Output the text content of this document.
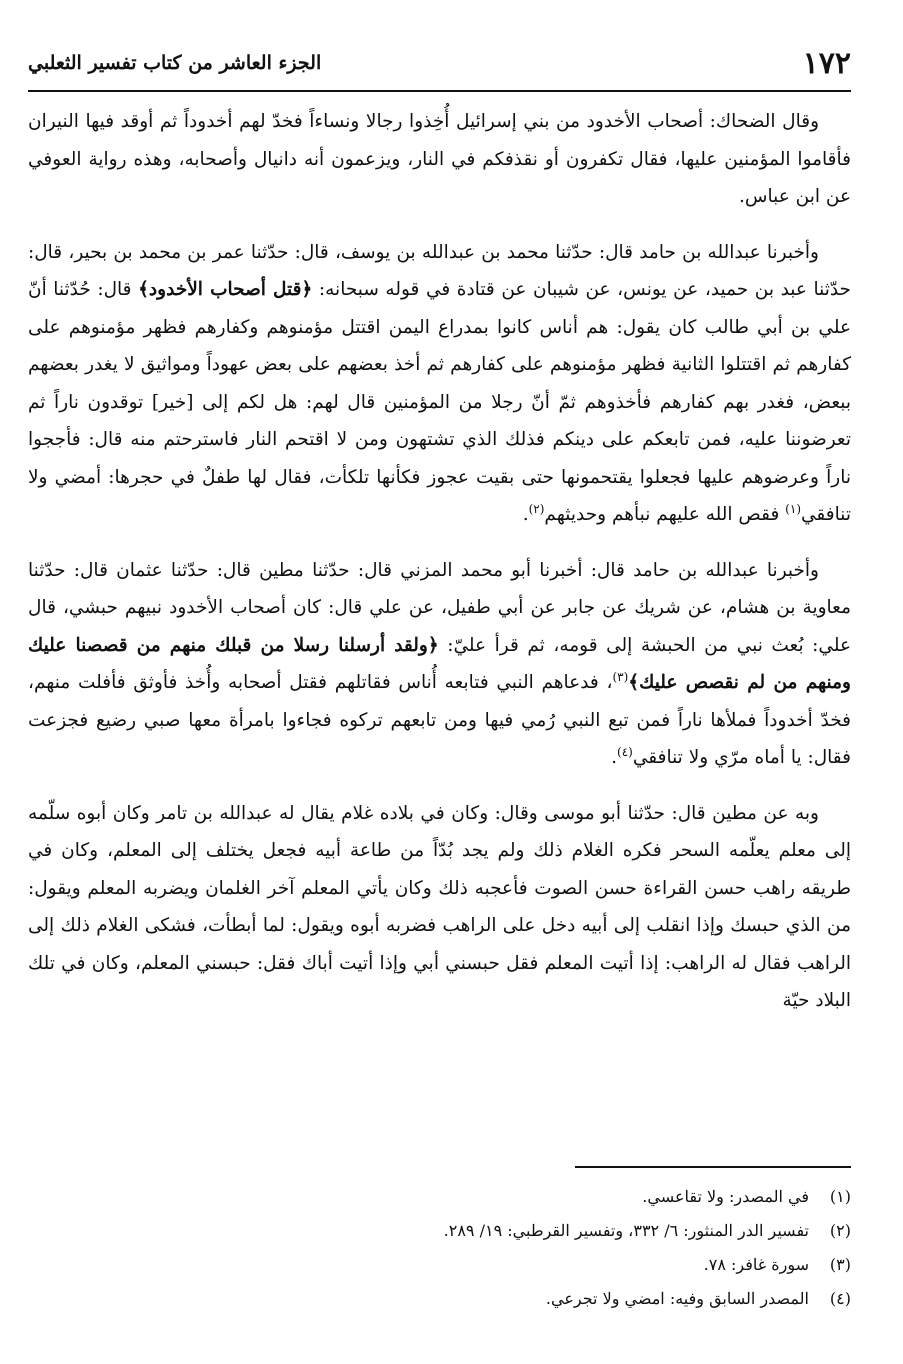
١٧٢
الجزء العاشر من كتاب تفسير الثعلبي

وقال الضحاك: أصحاب الأخدود من بني إسرائيل أُخِذوا رجالا ونساءاً فخدّ لهم أخدوداً ثم أوقد فيها النيران فأقاموا المؤمنين عليها، فقال تكفرون أو نقذفكم في النار، ويزعمون أنه دانيال وأصحابه، وهذه رواية العوفي عن ابن عباس.

وأخبرنا عبدالله بن حامد قال: حدّثنا محمد بن عبدالله بن يوسف، قال: حدّثنا عمر بن محمد بن بحير، قال: حدّثنا عبد بن حميد، عن يونس، عن شيبان عن قتادة في قوله سبحانه: ﴿قتل أصحاب الأخدود﴾ قال: حُدّثنا أنّ علي بن أبي طالب كان يقول: هم أناس كانوا بمدراع اليمن اقتتل مؤمنوهم وكفارهم فظهر مؤمنوهم على كفارهم ثم اقتتلوا الثانية فظهر مؤمنوهم على كفارهم ثم أخذ بعضهم على بعض عهوداً ومواثيق لا يغدر بعضهم ببعض، فغدر بهم كفارهم فأخذوهم ثمّ أنّ رجلا من المؤمنين قال لهم: هل لكم إلى [خير] توقدون ناراً ثم تعرضوننا عليه، فمن تابعكم على دينكم فذلك الذي تشتهون ومن لا اقتحم النار فاسترحتم منه قال: فأججوا ناراً وعرضوهم عليها فجعلوا يقتحمونها حتى بقيت عجوز فكأنها تلكأت، فقال لها طفلٌ في حجرها: أمضي ولا تنافقي$^{(١)}$ فقص الله عليهم نبأهم وحديثهم$^{(٢)}$.

وأخبرنا عبدالله بن حامد قال: أخبرنا أبو محمد المزني قال: حدّثنا مطين قال: حدّثنا عثمان قال: حدّثنا معاوية بن هشام، عن شريك عن جابر عن أبي طفيل، عن علي قال: كان أصحاب الأخدود نبيهم حبشي، قال علي: بُعث نبي من الحبشة إلى قومه، ثم قرأ عليّ: ﴿ولقد أرسلنا رسلا من قبلك منهم من قصصنا عليك ومنهم من لم نقصص عليك﴾$^{(٣)}$، فدعاهم النبي فتابعه أُناس فقاتلهم فقتل أصحابه وأُخذ فأوثق فأفلت منهم، فخدّ أخدوداً فملأها ناراً فمن تبع النبي رُمي فيها ومن تابعهم تركوه فجاءوا بامرأة معها صبي رضيع فجزعت فقال: يا أماه مرّي ولا تنافقي$^{(٤)}$.

وبه عن مطين قال: حدّثنا أبو موسى وقال: وكان في بلاده غلام يقال له عبدالله بن تامر وكان أبوه سلّمه إلى معلم يعلّمه السحر فكره الغلام ذلك ولم يجد بُدّاً من طاعة أبيه فجعل يختلف إلى المعلم، وكان في طريقه راهب حسن القراءة حسن الصوت فأعجبه ذلك وكان يأتي المعلم آخر الغلمان ويضربه المعلم ويقول: من الذي حبسك وإذا انقلب إلى أبيه دخل على الراهب فضربه أبوه ويقول: لما أبطأت، فشكى الغلام ذلك إلى الراهب فقال له الراهب: إذا أتيت المعلم فقل حبسني أبي وإذا أتيت أباك فقل: حبسني المعلم، وكان في تلك البلاد حيّة

(١)
في المصدر: ولا تقاعسي.
(٢)
تفسير الدر المنثور: ٦/ ٣٣٢، وتفسير القرطبي: ١٩/ ٢٨٩.
(٣)
سورة غافر: ٧٨.
(٤)
المصدر السابق وفيه: امضي ولا تجرعي.
